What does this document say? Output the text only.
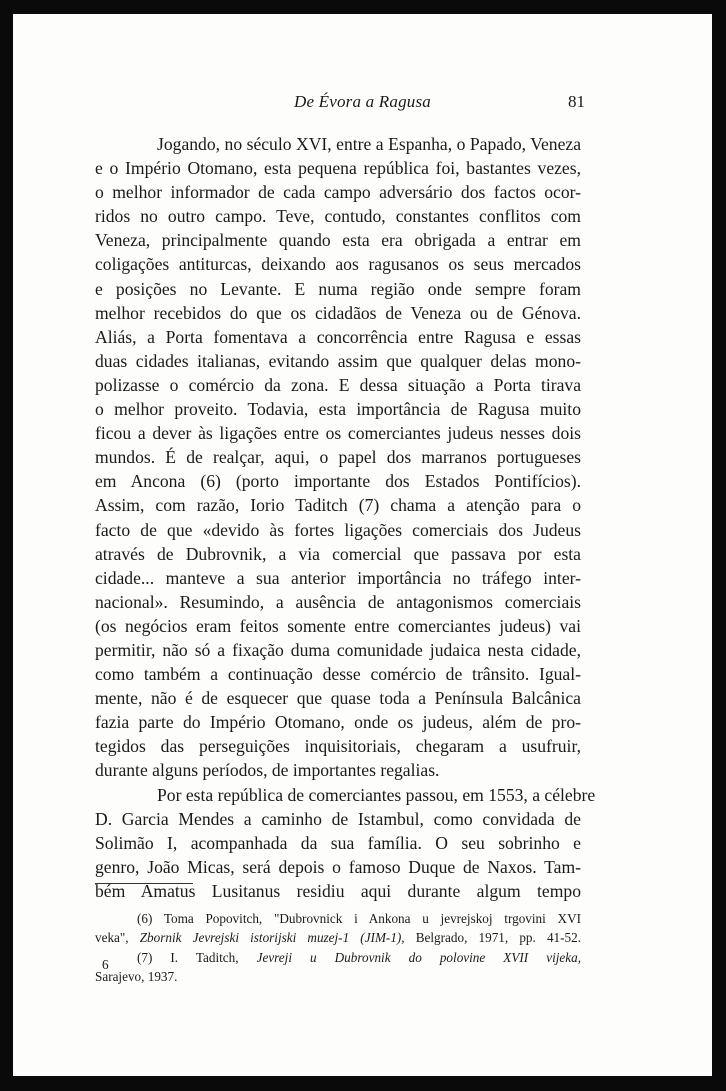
De Évora a Ragusa	81
Jogando, no século XVI, entre a Espanha, o Papado, Veneza
e o Império Otomano, esta pequena república foi, bastantes vezes,
o melhor informador de cada campo adversário dos factos ocor-
ridos no outro campo. Teve, contudo, constantes conflitos com
Veneza, principalmente quando esta era obrigada a entrar em
coligações antiturcas, deixando aos ragusanos os seus mercados
e posições no Levante. E numa região onde sempre foram
melhor recebidos do que os cidadãos de Veneza ou de Génova.
Aliás, a Porta fomentava a concorrência entre Ragusa e essas
duas cidades italianas, evitando assim que qualquer delas mono-
polizasse o comércio da zona. E dessa situação a Porta tirava
o melhor proveito. Todavia, esta importância de Ragusa muito
ficou a dever às ligações entre os comerciantes judeus nesses dois
mundos. É de realçar, aqui, o papel dos marranos portugueses
em Ancona (6) (porto importante dos Estados Pontifícios).
Assim, com razão, Iorio Taditch (7) chama a atenção para o
facto de que «devido às fortes ligações comerciais dos Judeus
através de Dubrovnik, a via comercial que passava por esta
cidade... manteve a sua anterior importância no tráfego inter-
nacional». Resumindo, a ausência de antagonismos comerciais
(os negócios eram feitos somente entre comerciantes judeus) vai
permitir, não só a fixação duma comunidade judaica nesta cidade,
como também a continuação desse comércio de trânsito. Igual-
mente, não é de esquecer que quase toda a Península Balcânica
fazia parte do Império Otomano, onde os judeus, além de pro-
tegidos das perseguições inquisitoriais, chegaram a usufruir,
durante alguns períodos, de importantes regalias.
Por esta república de comerciantes passou, em 1553, a célebre
D. Garcia Mendes a caminho de Istambul, como convidada de
Solimão I, acompanhada da sua família. O seu sobrinho e
genro, João Micas, será depois o famoso Duque de Naxos. Tam-
bém Amatus Lusitanus residiu aqui durante algum tempo
(6) Toma Popovitch, "Dubrovnick i Ankona u jevrejskoj trgovini XVI
veka", Zbornik Jevrejski istorijski muzej-1 (JIM-1), Belgrado, 1971, pp. 41-52.
(7) I. Taditch, Jevreji u Dubrovnik do polovine XVII vijeka,
Sarajevo, 1937.
6
